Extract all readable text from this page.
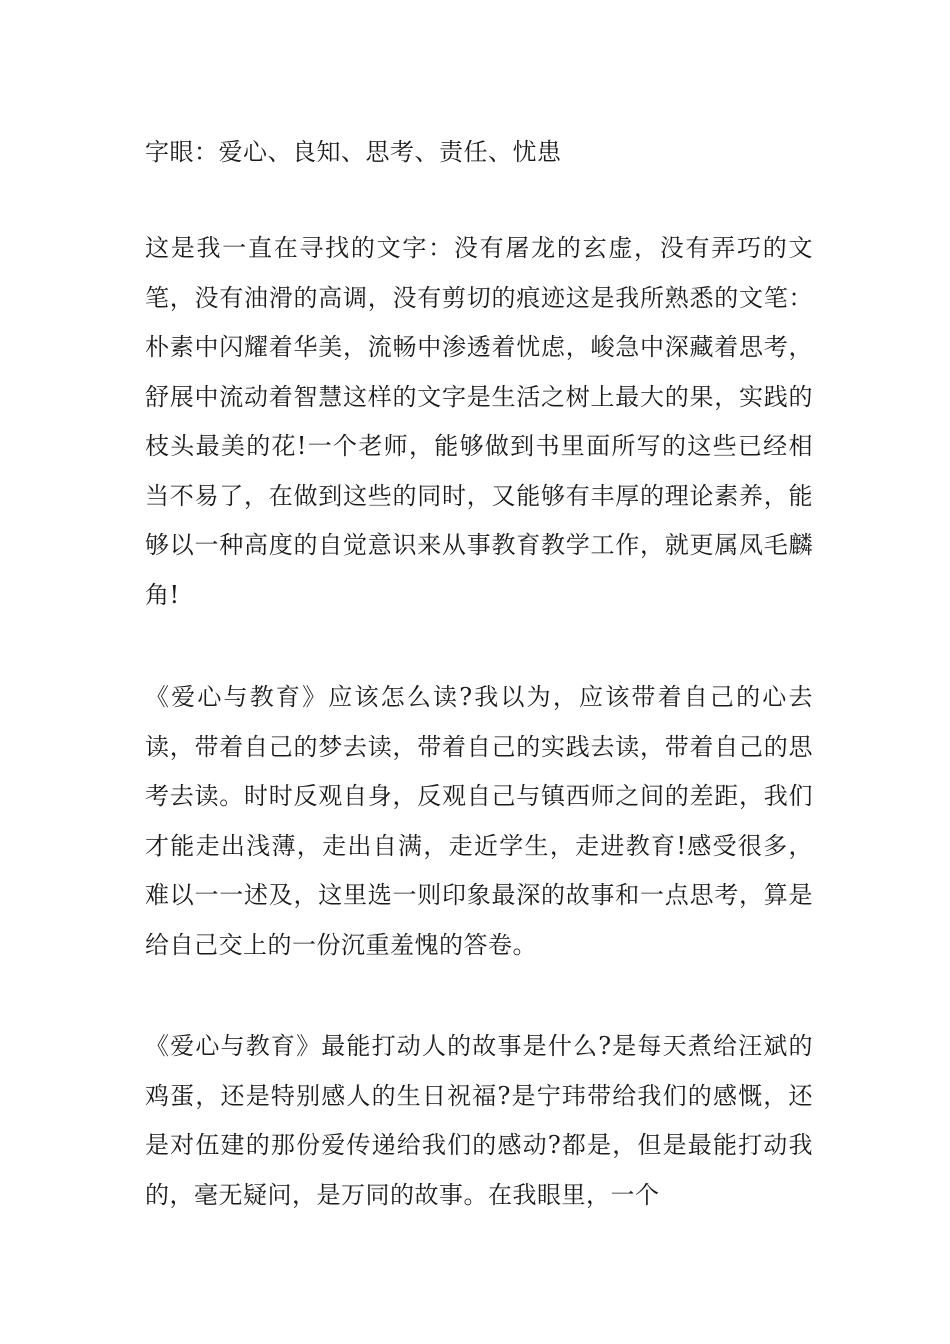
字眼：爱心、良知、思考、责任、忧患
这是我一直在寻找的文字：没有屠龙的玄虚，没有弄巧的文笔，没有油滑的高调，没有剪切的痕迹这是我所熟悉的文笔：朴素中闪耀着华美，流畅中渗透着忧虑，峻急中深藏着思考，舒展中流动着智慧这样的文字是生活之树上最大的果，实践的枝头最美的花!一个老师，能够做到书里面所写的这些已经相当不易了，在做到这些的同时，又能够有丰厚的理论素养，能够以一种高度的自觉意识来从事教育教学工作，就更属凤毛麟角!
《爱心与教育》应该怎么读?我以为，应该带着自己的心去读，带着自己的梦去读，带着自己的实践去读，带着自己的思考去读。时时反观自身，反观自己与镇西师之间的差距，我们才能走出浅薄，走出自满，走近学生，走进教育!感受很多，难以一一述及，这里选一则印象最深的故事和一点思考，算是给自己交上的一份沉重羞愧的答卷。
《爱心与教育》最能打动人的故事是什么?是每天煮给汪斌的鸡蛋，还是特别感人的生日祝福?是宁玮带给我们的感慨，还是对伍建的那份爱传递给我们的感动?都是，但是最能打动我的，毫无疑问，是万同的故事。在我眼里，一个
